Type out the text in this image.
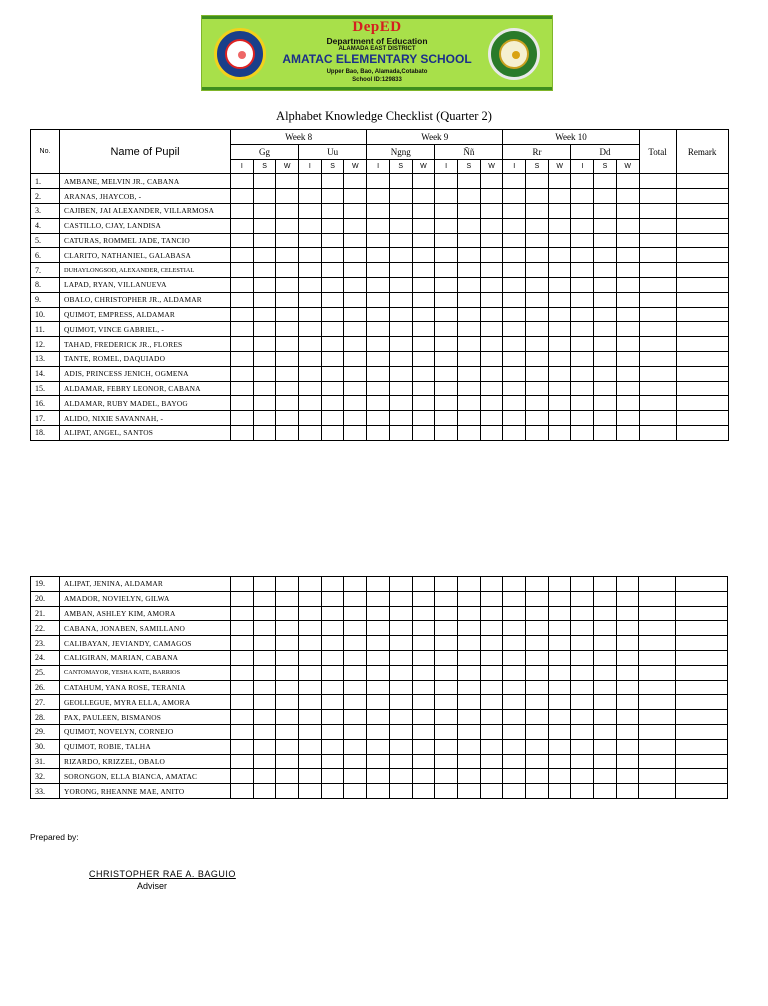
DepED
Department of Education
ALAMADA EAST DISTRICT
AMATAC ELEMENTARY SCHOOL
Upper Bao, Bao, Alamada,Cotabato
School ID:129833
Alphabet Knowledge Checklist (Quarter 2)
No.	Name of Pupil	Week 8						Week 9						Week 10						Total	Remark
		Gg			Uu			Ngng			Ññ			Rr			Dd				
		I	S	W	I	S	W	I	S	W	I	S	W	I	S	W	I	S	W		
1.	AMBANE, MELVIN JR., CABANA																				
2.	ARANAS, JHAYCOB, -																				
3.	CAJIBEN, JAI ALEXANDER, VILLARMOSA																				
4.	CASTILLO, CJAY, LANDISA																				
5.	CATURAS, ROMMEL JADE, TANCIO																				
6.	CLARITO, NATHANIEL, GALABASA																				
7.	DUHAYLONGSOD, ALEXANDER, CELESTIAL																				
8.	LAPAD, RYAN, VILLANUEVA																				
9.	OBALO, CHRISTOPHER JR., ALDAMAR																				
10.	QUIMOT, EMPRESS, ALDAMAR																				
11.	QUIMOT, VINCE GABRIEL, -																				
12.	TAHAD, FREDERICK JR., FLORES																				
13.	TANTE, ROMEL, DAQUIADO																				
14.	ADIS, PRINCESS JENICH, OGMENA																				
15.	ALDAMAR, FEBRY LEONOR, CABANA																				
16.	ALDAMAR, RUBY MADEL, BAYOG																				
17.	ALIDO, NIXIE SAVANNAH, -																				
18.	ALIPAT, ANGEL, SANTOS																				
19.	ALIPAT, JENINA, ALDAMAR																				
20.	AMADOR, NOVIELYN, GILWA																				
21.	AMBAN, ASHLEY KIM, AMORA																				
22.	CABANA, JONABEN, SAMILLANO																				
23.	CALIBAYAN, JEVIANDY, CAMAGOS																				
24.	CALIGIRAN, MARIAN, CABANA																				
25.	CANTOMAYOR, YESHA KATE, BARRIOS																				
26.	CATAHUM, YANA ROSE, TERANIA																				
27.	GEOLLEGUE, MYRA ELLA, AMORA																				
28.	PAX, PAULEEN, BISMANOS																				
29.	QUIMOT, NOVELYN, CORNEJO																				
30.	QUIMOT, ROBIE, TALHA																				
31.	RIZARDO, KRIZZEL, OBALO																				
32.	SORONGON, ELLA BIANCA, AMATAC																				
33.	YORONG, RHEANNE MAE, ANITO																				
Prepared by:
CHRISTOPHER RAE A. BAGUIO
Adviser
